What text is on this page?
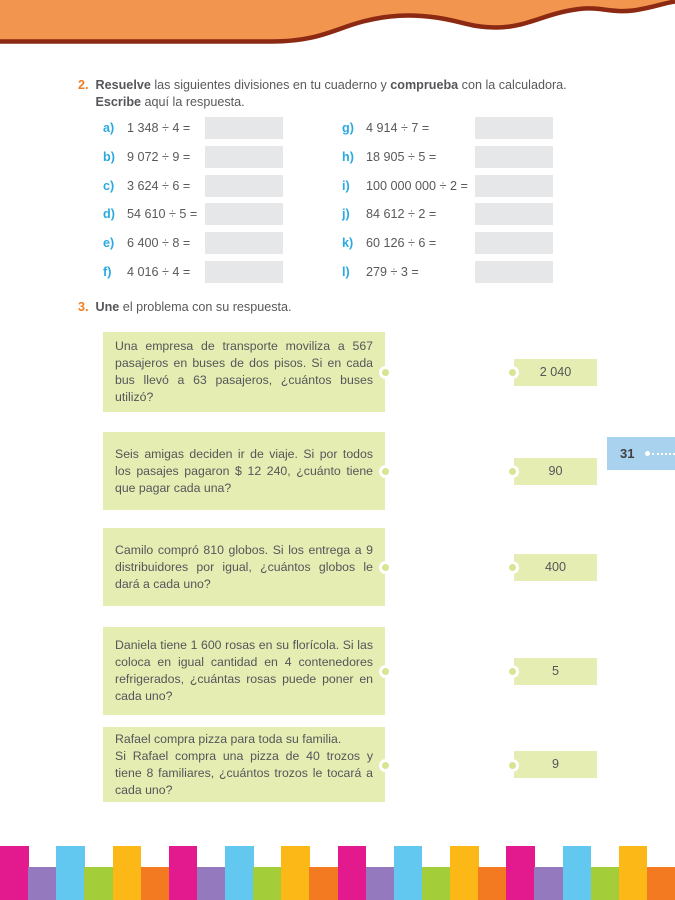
2. Resuelve las siguientes divisiones en tu cuaderno y comprueba con la calculadora. Escribe aquí la respuesta.
a)	1 348 ÷ 4 =
b) 9 072 ÷ 9 =
c)	3 624 ÷ 6 =
d) 54 610 ÷ 5 =
e)	6 400 ÷ 8 =
f)	4 016 ÷ 4 =
g) 4 914 ÷ 7 =
h) 18 905 ÷ 5 =
i)	100 000 000 ÷ 2 =
j)	84 612 ÷ 2 =
k)	60 126 ÷ 6 =
l)	279 ÷ 3 =
3. Une el problema con su respuesta.

Una empresa de transporte moviliza a 567 pasajeros en buses de dos pisos. Si en cada bus llevó a 63 pasajeros, ¿cuántos buses utilizó?

2 040

Seis amigas deciden ir de viaje. Si por todos los pasajes pagaron $ 12 240, ¿cuánto tiene que pagar cada una?

90

Camilo compró 810 globos. Si los entrega a 9 distribuidores por igual, ¿cuántos globos le dará a cada uno?

400

Daniela tiene 1 600 rosas en su florícola. Si las coloca en igual cantidad en 4 contenedores refrigerados, ¿cuántas rosas puede poner en cada uno?

5

Rafael compra pizza para toda su familia.

Si Rafael compra una pizza de 40 trozos y tiene 8 familiares, ¿cuántos trozos le tocará a cada uno?

9
31
